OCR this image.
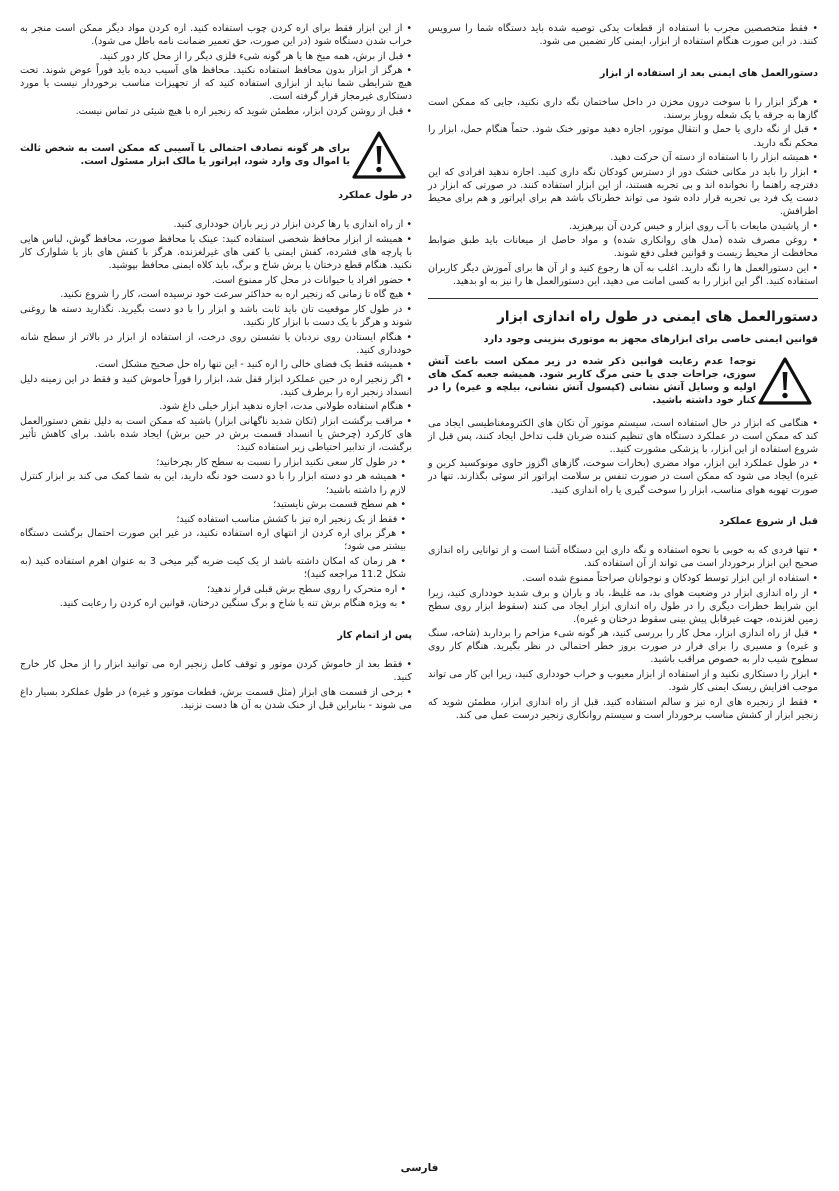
• فقط متخصصین مجرب با استفاده از قطعات یدکی توصیه شده باید دستگاه شما را سرویس کنند. در این صورت هنگام استفاده از ابزار، ایمنی کار تضمین می شود.

دستورالعمل های ایمنی بعد از استفاده از ابزار

• هرگز ابزار را با سوخت درون مخزن در داخل ساختمان نگه داری نکنید، جایی که ممکن است گازها به جرقه یا یک شعله روباز برسند.

• قبل از نگه داری یا حمل و انتقال موتور، اجازه دهید موتور خنک شود. حتماً هنگام حمل، ابزار را محکم نگه دارید.

• همیشه ابزار را با استفاده از دسته آن حرکت دهید.

• ابزار را باید در مکانی خشک دور از دسترس کودکان نگه داری کنید. اجازه ندهید افرادی که این دفترچه راهنما را نخوانده اند و بی تجربه هستند، از این ابزار استفاده کنند. در صورتی که ابزار در دست یک فرد بی تجربه قرار داده شود می تواند خطرناک باشد هم برای اپراتور و هم برای محیط اطرافش.

• از پاشیدن مایعات با آب روی ابزار و خیس کردن آن بپرهیزید.

• روغن مصرف شده (مدل های روانکاری شده) و مواد حاصل از میعانات باید طبق ضوابط محافظت از محیط زیست و قوانین فعلی دفع شوند.

• این دستورالعمل ها را نگه دارید. اغلب به آن ها رجوع کنید و از آن ها برای آموزش دیگر کاربران استفاده کنید. اگر این ابزار را به کسی امانت می دهید، این دستورالعمل ها را نیز به او بدهید.

دستورالعمل های ایمنی در طول راه اندازی ابزار

قوانین ایمنی خاصی برای ابزارهای مجهز به موتوری بنزینی وجود دارد

توجه! عدم رعایت قوانین ذکر شده در زیر ممکن است باعث آتش سوزی، جراحات جدی یا حتی مرگ کاربر شود. همیشه جعبه کمک های اولیه و وسایل آتش نشانی (کپسول آتش نشانی، بیلچه و غیره) را در کنار خود داشته باشید.

• هنگامی که ابزار در حال استفاده است، سیستم موتور آن تکان های الکترومغناطیسی ایجاد می کند که ممکن است در عملکرد دستگاه های تنظیم کننده ضربان قلب تداخل ایجاد کنند، پس قبل از شروع استفاده از این ابزار، با پزشکی مشورت کنید..

• در طول عملکرد این ابزار، مواد مضری (بخارات سوخت، گازهای اگزوز حاوی مونوکسید کربن و غیره) ایجاد می شود که ممکن است در صورت تنفس بر سلامت اپراتور اثر سوئی بگذارند. تنها در صورت تهویه هوای مناسب، ابزار را سوخت گیری یا راه اندازی کنید.

قبل از شروع عملکرد

• تنها فردی که به خوبی با نحوه استفاده و نگه داری این دستگاه آشنا است و از توانایی راه اندازی صحیح این ابزار برخوردار است می تواند از آن استفاده کند.

• استفاده از این ابزار توسط کودکان و نوجوانان صراحتاً ممنوع شده است.

• از راه اندازی ابزار در وضعیت هوای بد، مه غلیظ، باد و باران و برف شدید خودداری کنید، زیرا این شرایط خطرات دیگری را در طول راه اندازی ابزار ایجاد می کنند (سقوط ابزار روی سطح زمین لغزنده، جهت غیرقابل پیش بینی سقوط درختان و غیره).

• قبل از راه اندازی ابزار، محل کار را بررسی کنید، هر گونه شیء مزاحم را برداربد (شاخه، سنگ و غیره) و مسیری را برای فرار در صورت بروز خطر احتمالی در نظر بگیرید. هنگام کار روی سطوح شیب دار به خصوص مراقب باشید.

• ابزار را دستکاری نکنید و از استفاده از ابزار معیوب و خراب خودداری کنید، زیرا این کار می تواند موجب افزایش ریسک ایمنی کار شود.

• فقط از زنجیره های اره تیز و سالم استفاده کنید. قبل از راه اندازی ابزار، مطمئن شوید که زنجیر ابزار از کشش مناسب برخوردار است و سیستم روانکاری زنجیر درست عمل می کند.

• از این ابزار فقط برای اره کردن چوب استفاده کنید. اره کردن مواد دیگر ممکن است منجر به خراب شدن دستگاه شود (در این صورت، حق تعمیر ضمانت نامه باطل می شود).

• قبل از برش، همه میخ ها یا هر گونه شیء فلزی دیگر را از محل کار دور کنید.

• هرگز از ابزار بدون محافظ استفاده نکنید. محافظ های آسیب دیده باید فوراً عوض شوند. تحت هیچ شرایطی شما نباید از ابزاری استفاده کنید که از تجهیزات مناسب برخوردار نیست یا مورد دستکاری غیرمجاز قرار گرفته است.

• قبل از روشن کردن ابزار، مطمئن شوید که زنجیر اره با هیچ شیئی در تماس نیست.

برای هر گونه تصادف احتمالی یا آسیبی که ممکن است به شخص ثالث یا اموال وی وارد شود، اپراتور یا مالک ابزار مسئول است.

در طول عملکرد

• از راه اندازی یا رها کردن ابزار در زیر باران خودداری کنید.

• همیشه از ابزار محافظ شخصی استفاده کنید: عینک یا محافظ صورت، محافظ گوش، لباس هایی با پارچه های فشرده، کفش ایمنی یا کفی های غیرلغزنده. هرگز با کفش های باز یا شلوارک کار نکنید. هنگام قطع درختان یا برش شاخ و برگ، باید کلاه ایمنی محافظ بپوشید.

• حضور افراد یا حیوانات در محل کار ممنوع است.

• هیچ گاه تا زمانی که زنجیر اره به حداکثر سرعت خود نرسیده است، کار را شروع نکنید.

• در طول کار موقعیت تان باید ثابت باشد و ابزار را با دو دست بگیرید. نگذارید دسته ها روغنی شوند و هرگز با یک دست با ابزار کار نکنید.

• هنگام ایستادن روی نردبان یا نشستن روی درخت، از استفاده از ابزار در بالاتر از سطح شانه خودداری کنید.

• همیشه فقط یک فضای خالی را اره کنید - این تنها راه حل صحیح مشکل است.

• اگر زنجیر اره در حین عملکرد ابزار قفل شد، ابزار را فوراً خاموش کنید و فقط در این زمینه دلیل انسداد زنجیر اره را برطرف کنید.

• هنگام استفاده طولانی مدت، اجازه ندهید ابزار خیلی داغ شود.

• مراقب برگشت ابزار (تکان شدید ناگهانی ابزار) باشید که ممکن است به دلیل نقض دستورالعمل های کارکرد (چرخش یا انسداد قسمت برش در حین برش) ایجاد شده باشد. برای کاهش تأثیر برگشت، از تدابیر احتیاطی زیر استفاده کنید:

• در طول کار سعی نکنید ابزار را نسبت به سطح کار بچرخانید؛

• همیشه هر دو دسته ابزار را با دو دست خود نگه دارید، این به شما کمک می کند بر ابزار کنترل لازم را داشته باشید؛

• هم سطح قسمت برش نایستید؛

• فقط از یک زنجیر اره تیز با کشش مناسب استفاده کنید؛

• هرگز برای اره کردن از انتهای اره استفاده نکنید، در غیر این صورت احتمال برگشت دستگاه بیشتر می شود؛

• هر زمان که امکان داشته باشد از یک کیت ضربه گیر میخی 3 به عنوان اهرم استفاده کنید (به شکل 11.2 مراجعه کنید)؛

• اره متحرک را روی سطح برش قبلی قرار ندهید؛

• به ویژه هنگام برش تنه یا شاخ و برگ سنگین درختان، قوانین اره کردن را رعایت کنید.

پس از اتمام کار

• فقط بعد از خاموش کردن موتور و توقف کامل زنجیر اره می توانید ابزار را از محل کار خارج کنید.

• برخی از قسمت های ابزار (مثل قسمت برش، قطعات موتور و غیره) در طول عملکرد بسیار داغ می شوند - بنابراین قبل از خنک شدن به آن ها دست نزنید.

فارسی
